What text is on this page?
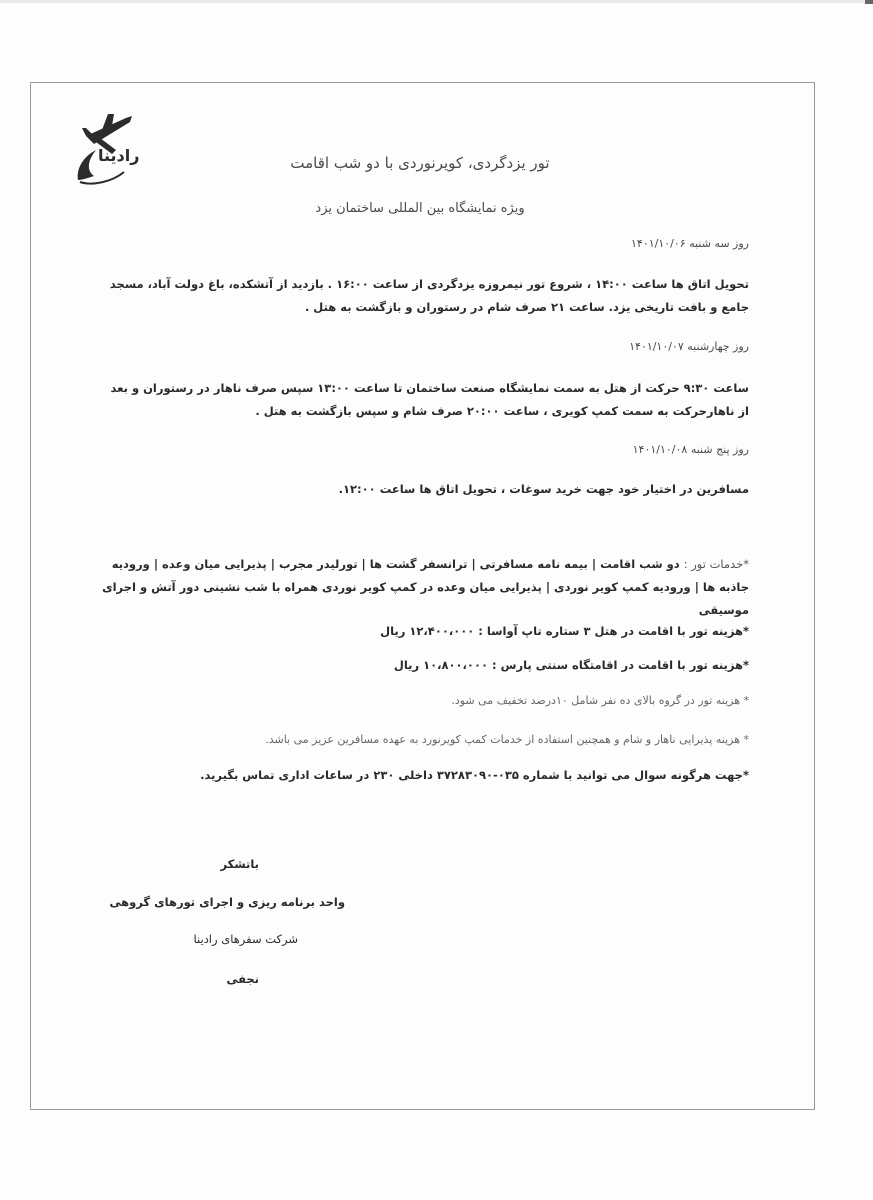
رادینا	تور یزدگردی، کویرنوردی با دو شب اقامت
ویژه نمایشگاه بین المللی ساختمان یزد
روز سه شنبه ۱۴۰۱/۱۰/۰۶
تحویل اتاق ها ساعت ۱۴:۰۰ ، شروع تور نیمروزه یزدگردی از ساعت ۱۶:۰۰ . بازدید از آتشکده، باغ دولت آباد، مسجد جامع و بافت تاریخی یزد. ساعت ۲۱ صرف شام در رستوران و بازگشت به هتل .
روز چهارشنبه ۱۴۰۱/۱۰/۰۷
ساعت ۹:۳۰ حرکت از هتل به سمت نمایشگاه صنعت ساختمان تا ساعت ۱۳:۰۰ سپس صرف ناهار در رستوران و بعد از ناهارحرکت به سمت کمپ کویری ، ساعت ۲۰:۰۰ صرف شام و سپس بازگشت به هتل .
روز پنج شنبه ۱۴۰۱/۱۰/۰۸
مسافرین در اختیار خود جهت خرید سوغات ، تحویل اتاق ها ساعت ۱۲:۰۰.
*خدمات تور : دو شب اقامت | بیمه نامه مسافرتی | ترانسفر گشت ها | تورلیدر مجرب | پذیرایی میان وعده | ورودیه جاذبه ها | ورودیه کمپ کویر نوردی | پذیرایی میان وعده در کمپ کویر نوردی همراه با شب نشینی دور آتش و اجرای موسیقی
*هزینه تور با اقامت در هتل ۳ ستاره تاپ آواسا : ۱۲،۴۰۰،۰۰۰ ریال
*هزینه تور با اقامت در اقامتگاه سنتی پارس : ۱۰،۸۰۰،۰۰۰ ریال
* هزینه تور در گروه بالای ده نفر شامل ۱۰درصد تخفیف می شود.
* هزینه پذیرایی ناهار و شام و همچنین استفاده از خدمات کمپ کویرنورد به عهده مسافرین عزیز می باشد.
*جهت هرگونه سوال می توانید با شماره ۰۳۵-۳۷۲۸۳۰۹۰ داخلی ۲۳۰ در ساعات اداری تماس بگیرید.
باتشکر
واحد برنامه ریزی و اجرای تورهای گروهی
شرکت سفرهای رادینا
نجفی
